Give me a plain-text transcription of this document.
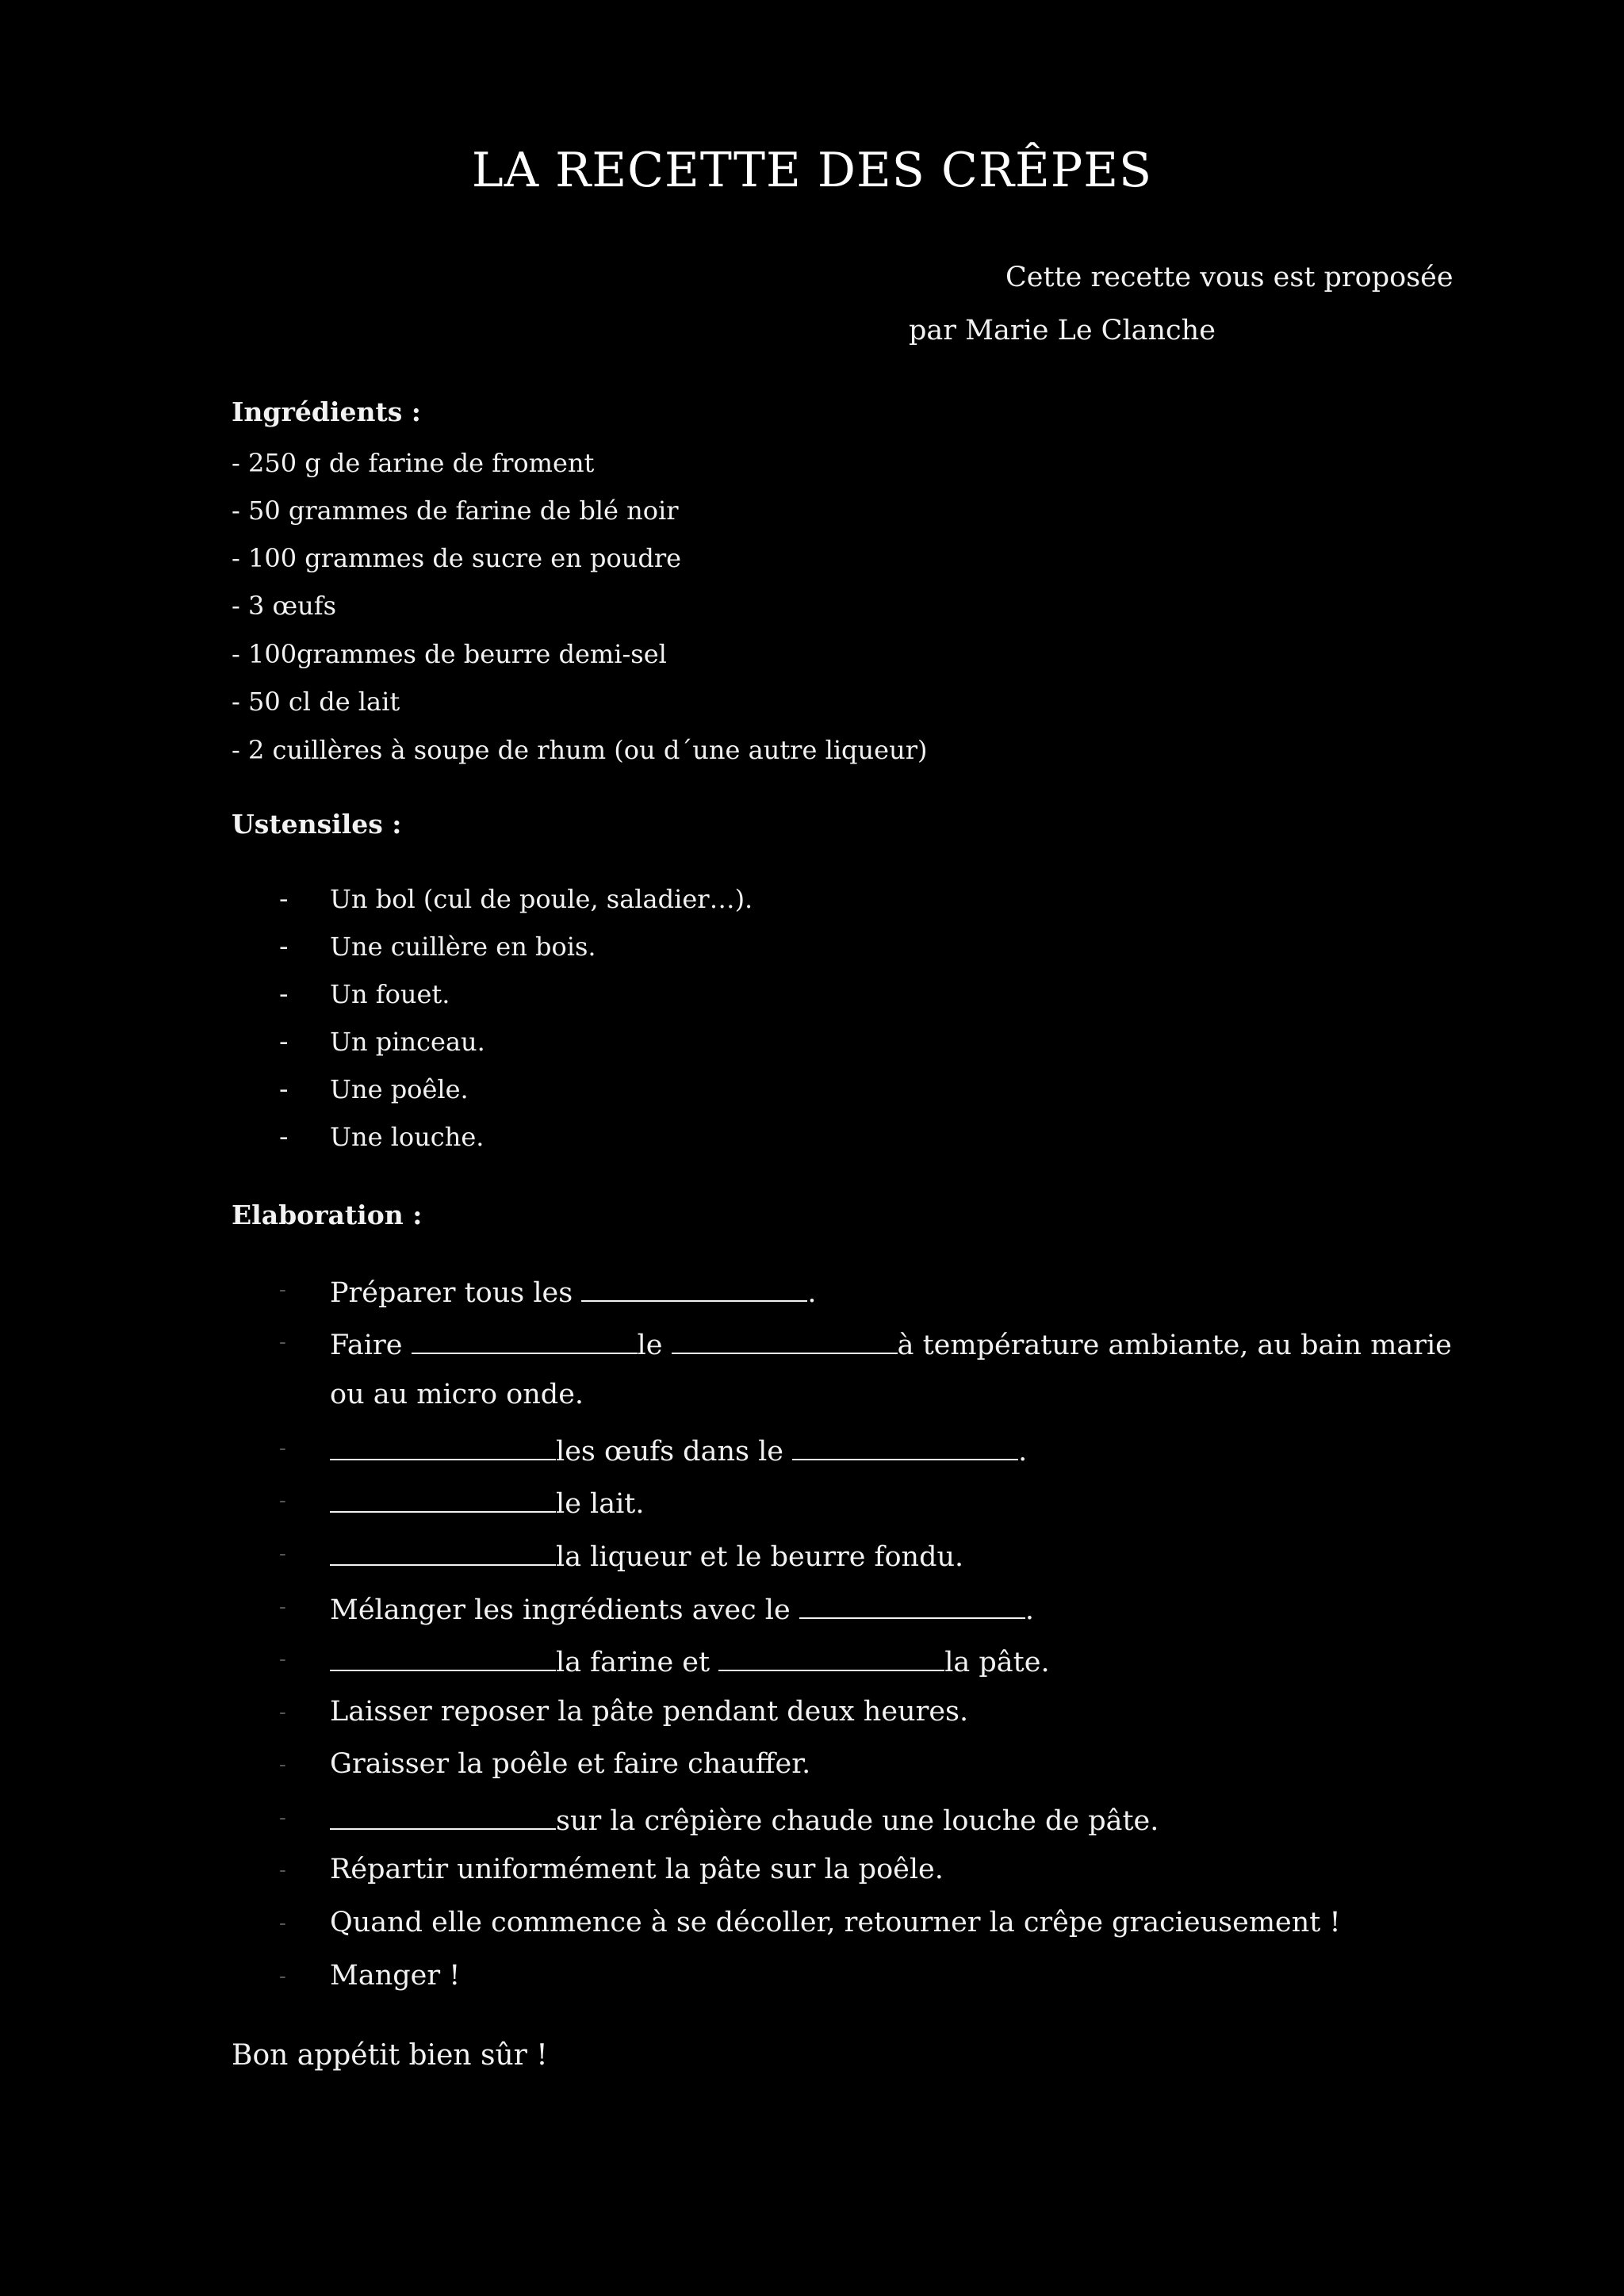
LA RECETTE DES CRÊPES
Cette recette vous est proposée
par Marie Le Clanche
Ingrédients :
- 250 g de farine de froment
- 50 grammes de farine de blé noir
- 100 grammes de sucre en poudre
- 3 œufs
- 100grammes de beurre demi-sel
- 50 cl de lait
- 2 cuillères à soupe de rhum (ou d´une autre liqueur)
Ustensiles :
- Un bol (cul de poule, saladier…).
- Une cuillère en bois.
- Un fouet.
- Un pinceau.
- Une poêle.
- Une louche.
Elaboration :
- Préparer tous les	.
- Faire	le	à température ambiante, au bain marie
ou au micro onde.
-	les œufs dans le	.
-	le lait.
-	la liqueur et le beurre fondu.
- Mélanger les ingrédients avec le	.
-	la farine et	la pâte.
- Laisser reposer la pâte pendant deux heures.
- Graisser la poêle et faire chauffer.
-	sur la crêpière chaude une louche de pâte.
- Répartir uniformément la pâte sur la poêle.
- Quand elle commence à se décoller, retourner la crêpe gracieusement !
- Manger !
Bon appétit bien sûr !
